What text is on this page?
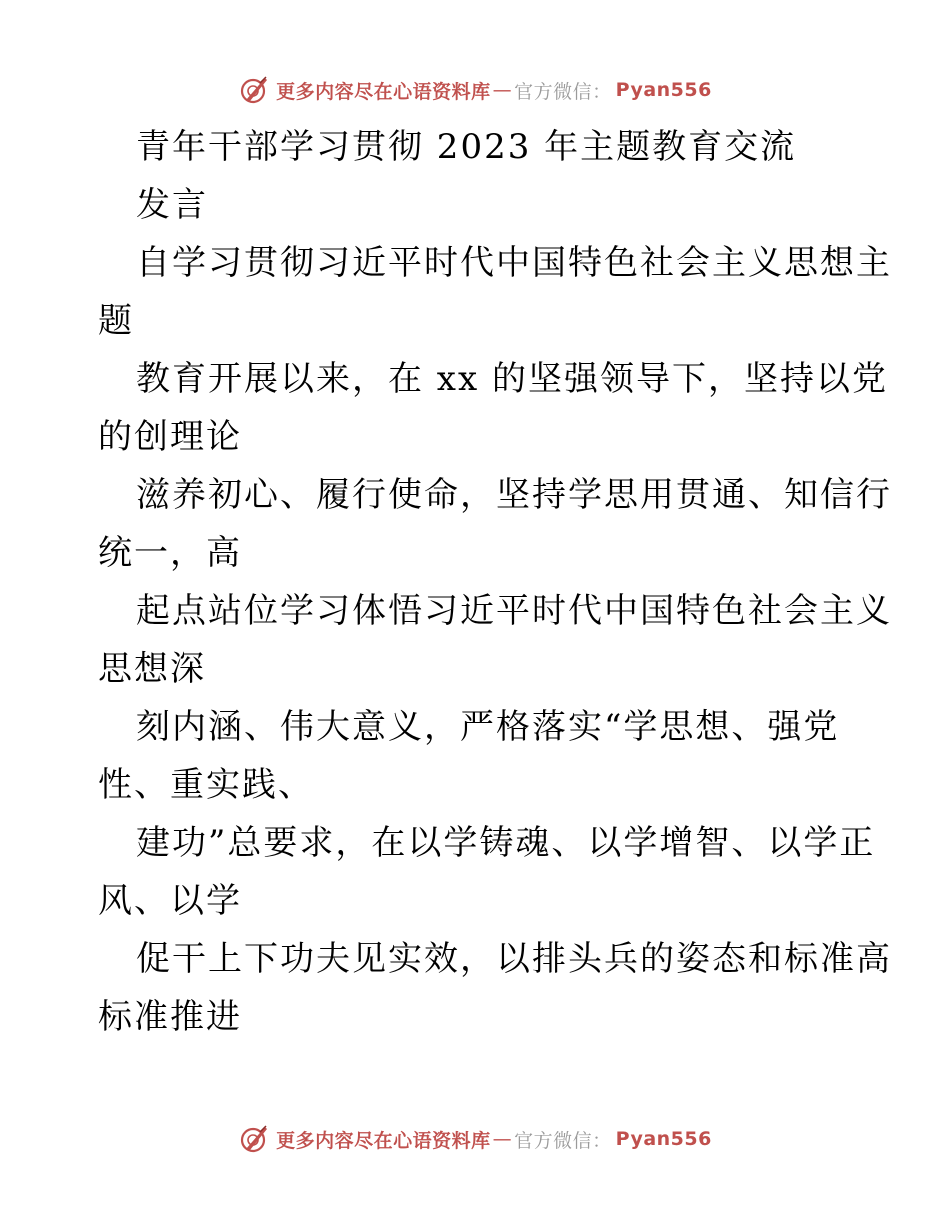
更多内容尽在心语资料库 — 官方微信： Pyan556
青年干部学习贯彻 2023 年主题教育交流
发言
自学习贯彻习近平时代中国特色社会主义思想主
题
教育开展以来，在 xx 的坚强领导下，坚持以党
的创理论
滋养初心、履行使命，坚持学思用贯通、知信行
统一，高
起点站位学习体悟习近平时代中国特色社会主义
思想深
刻内涵、伟大意义，严格落实“学思想、强党
性、重实践、
建功”总要求，在以学铸魂、以学增智、以学正
风、以学
促干上下功夫见实效，以排头兵的姿态和标准高
标准推进
更多内容尽在心语资料库 — 官方微信： Pyan556
